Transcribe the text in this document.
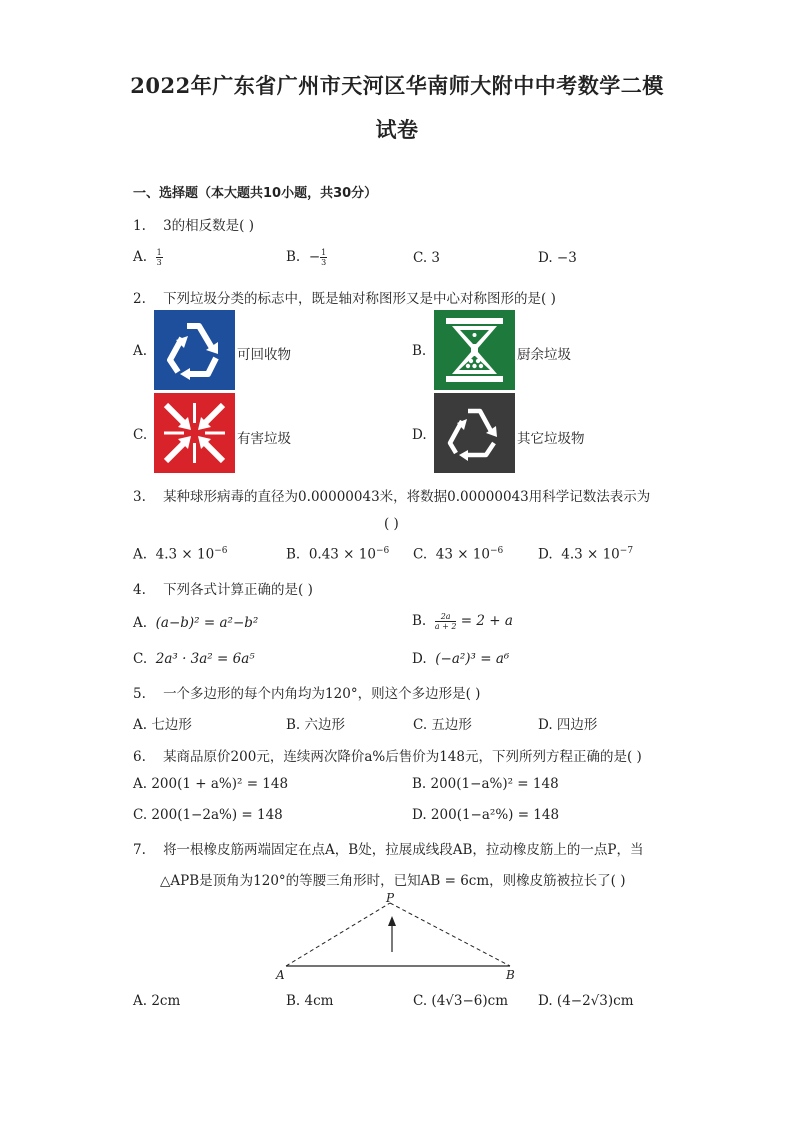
2022年广东省广州市天河区华南师大附中中考数学二模
试卷
一、选择题（本大题共10小题，共30分）
1. 3的相反数是( )
A. $\frac{1}{3}$	B. − $\frac{1}{3}$	C. 3	D. −3
2. 下列垃圾分类的标志中，既是轴对称图形又是中心对称图形的是( )
A.	可回收物	B.	厨余垃圾
C.	有害垃圾	D.	其它垃圾物
3. 某种球形病毒的直径为0.00000043米，将数据0.00000043用科学记数法表示为
( )
A. $4.3 \times 10^{-6}$	B. $0.43 \times 10^{-6}$ C. $43 \times 10^{-6}$	D. $4.3 \times 10^{-7}$
4. 下列各式计算正确的是( )
A. (a−b)² = a²−b²	B. $\frac{2a}{a + 2} = 2 + a$
C. 2a³ · 3a² = 6a⁵	D. (−a²)³ = a⁶
5. 一个多边形的每个内角均为120°，则这个多边形是( )
A. 七边形	B. 六边形	C. 五边形	D. 四边形
6. 某商品原价200元，连续两次降价a%后售价为148元，下列所列方程正确的是( )
A. 200(1 + a%)² = 148	B. 200(1−a%)² = 148
C. 200(1−2a%) = 148	D. 200(1−a²%) = 148
7. 将一根橡皮筋两端固定在点A，B处，拉展成线段AB，拉动橡皮筋上的一点P，当
△APB是顶角为120°的等腰三角形时，已知AB = 6cm，则橡皮筋被拉长了( )
P
A	B
A. 2cm	B. 4cm	C. (4√3−6)cm D. (4−2√3)cm
